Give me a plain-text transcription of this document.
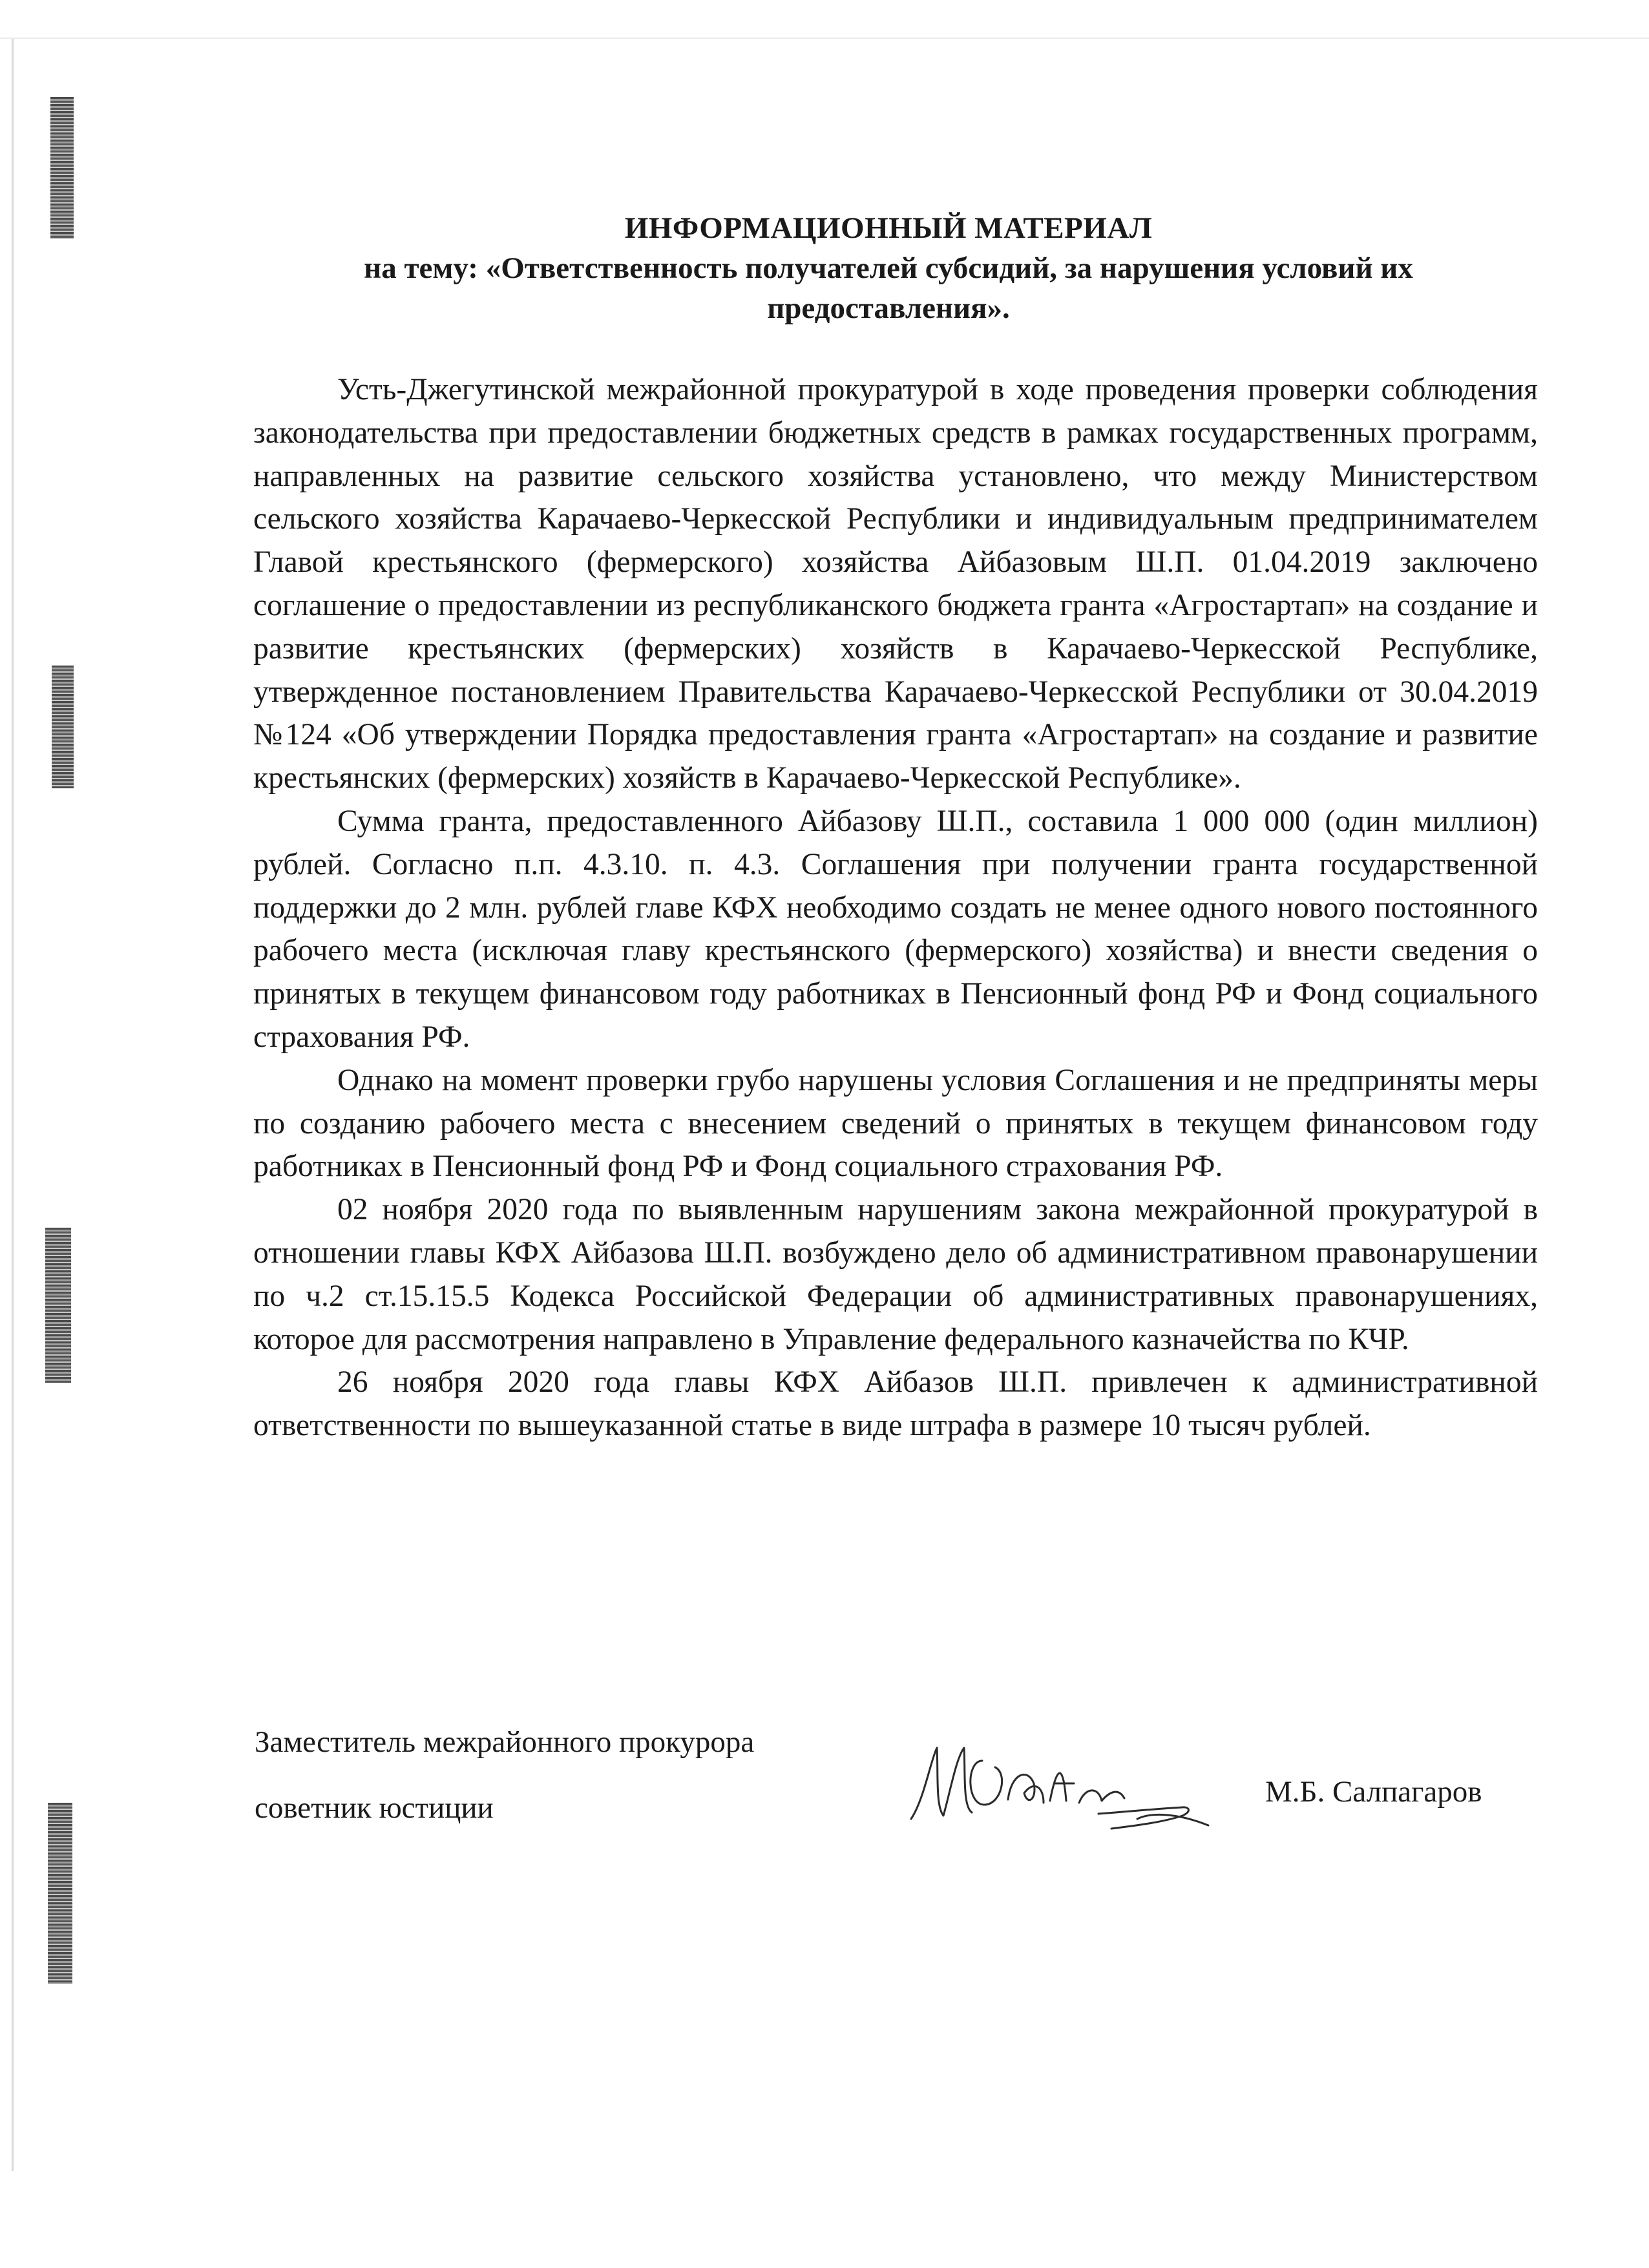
ИНФОРМАЦИОННЫЙ МАТЕРИАЛ
на тему: «Ответственность получателей субсидий, за нарушения условий их предоставления».

Усть-Джегутинской межрайонной прокуратурой в ходе проведения проверки соблюдения законодательства при предоставлении бюджетных средств в рамках государственных программ, направленных на развитие сельского хозяйства установлено, что между Министерством сельского хозяйства Карачаево-Черкесской Республики и индивидуальным предпринимателем Главой крестьянского (фермерского) хозяйства Айбазовым Ш.П. 01.04.2019 заключено соглашение о предоставлении из республиканского бюджета гранта «Агростартап» на создание и развитие крестьянских (фермерских) хозяйств в Карачаево-Черкесской Республике, утвержденное постановлением Правительства Карачаево-Черкесской Республики от 30.04.2019 №124 «Об утверждении Порядка предоставления гранта «Агростартап» на создание и развитие крестьянских (фермерских) хозяйств в Карачаево-Черкесской Республике».

Сумма гранта, предоставленного Айбазову Ш.П., составила 1 000 000 (один миллион) рублей. Согласно п.п. 4.3.10. п. 4.3. Соглашения при получении гранта государственной поддержки до 2 млн. рублей главе КФХ необходимо создать не менее одного нового постоянного рабочего места (исключая главу крестьянского (фермерского) хозяйства) и внести сведения о принятых в текущем финансовом году работниках в Пенсионный фонд РФ и Фонд социального страхования РФ.

Однако на момент проверки грубо нарушены условия Соглашения и не предприняты меры по созданию рабочего места с внесением сведений о принятых в текущем финансовом году работниках в Пенсионный фонд РФ и Фонд социального страхования РФ.

02 ноября 2020 года по выявленным нарушениям закона межрайонной прокуратурой в отношении главы КФХ Айбазова Ш.П. возбуждено дело об административном правонарушении по ч.2 ст.15.15.5 Кодекса Российской Федерации об административных правонарушениях, которое для рассмотрения направлено в Управление федерального казначейства по КЧР.

26 ноября 2020 года главы КФХ Айбазов Ш.П. привлечен к административной ответственности по вышеуказанной статье в виде штрафа в размере 10 тысяч рублей.

Заместитель межрайонного прокурора
советник юстиции	М.Б. Салпагаров
